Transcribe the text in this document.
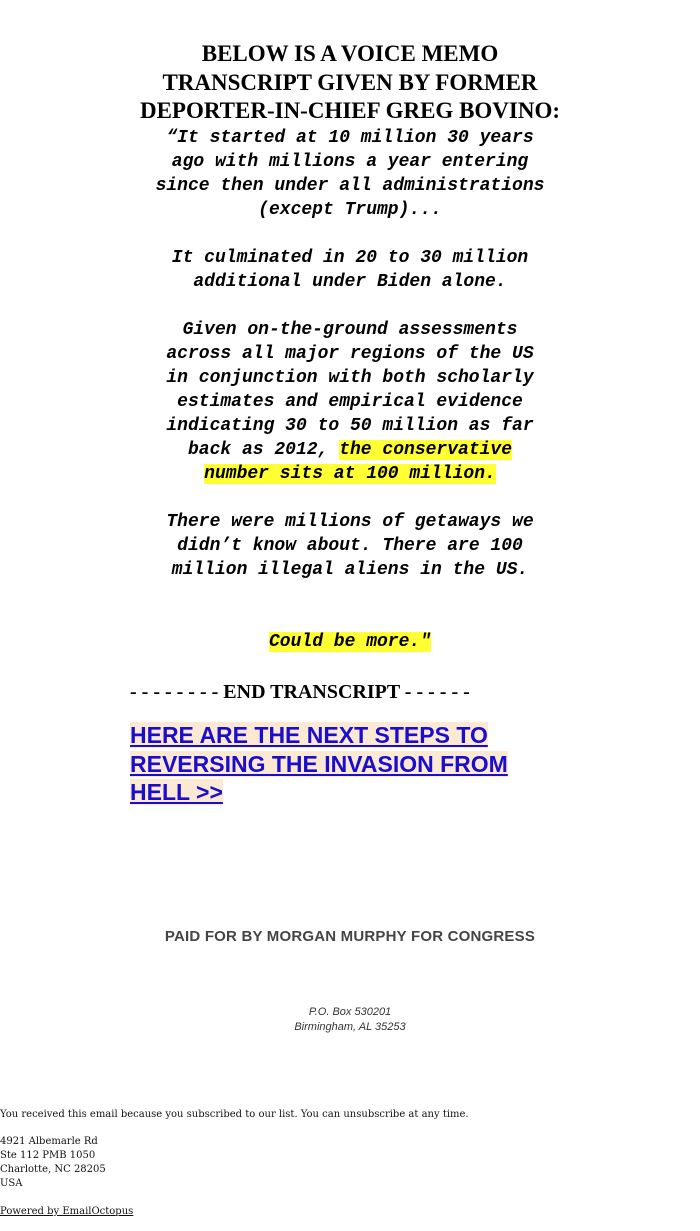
BELOW IS A VOICE MEMO
TRANSCRIPT GIVEN BY FORMER
DEPORTER-IN-CHIEF GREG BOVINO:
“It started at 10 million 30 years
ago with millions a year entering
since then under all administrations
(except Trump)...
It culminated in 20 to 30 million
additional under Biden alone.
Given on-the-ground assessments
across all major regions of the US
in conjunction with both scholarly
estimates and empirical evidence
indicating 30 to 50 million as far
back as 2012, the conservative
number sits at 100 million.
There were millions of getaways we
didn’t know about. There are 100
million illegal aliens in the US.
Could be more."
- - - - - - - - END TRANSCRIPT - - - - - -
HERE ARE THE NEXT STEPS TO
REVERSING THE INVASION FROM
HELL >>
PAID FOR BY MORGAN MURPHY FOR CONGRESS
P.O. Box 530201
Birmingham, AL 35253
You received this email because you subscribed to our list. You can unsubscribe at any time.
4921 Albemarle Rd
Ste 112 PMB 1050
Charlotte, NC 28205
USA
Powered by EmailOctopus
